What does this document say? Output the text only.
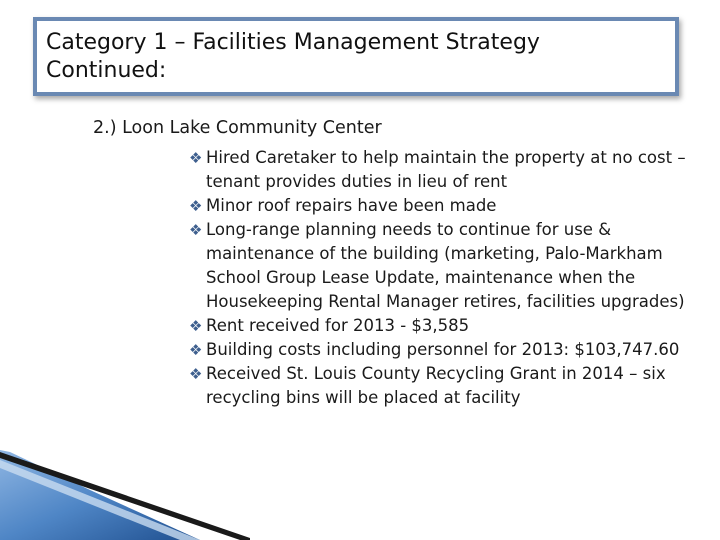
Category 1 – Facilities Management Strategy
Continued:
2.) Loon Lake Community Center
❖ Hired Caretaker to help maintain the property at no cost – tenant provides duties in lieu of rent
❖ Minor roof repairs have been made
❖ Long-range planning needs to continue for use & maintenance of the building (marketing, Palo-Markham School Group Lease Update, maintenance when the Housekeeping Rental Manager retires, facilities upgrades)
❖ Rent received for 2013 - $3,585
❖ Building costs including personnel for 2013: $103,747.60
❖ Received St. Louis County Recycling Grant in 2014 – six recycling bins will be placed at facility
